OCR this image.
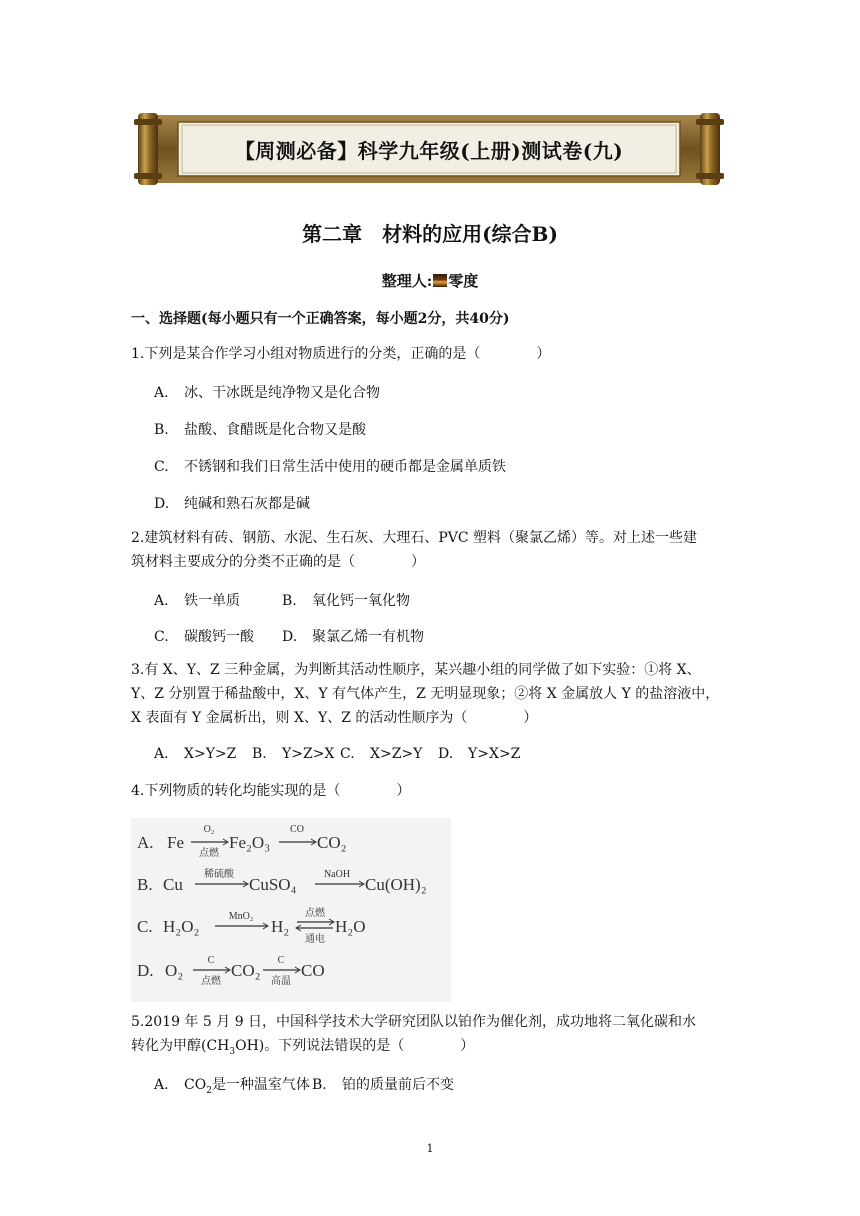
【周测必备】科学九年级(上册)测试卷(九)
第二章　材料的应用(综合B)
整理人: 零度
一、选择题(每小题只有一个正确答案，每小题2分，共40分)
1.下列是某合作学习小组对物质进行的分类，正确的是（　　　　）
A. 冰、干冰既是纯净物又是化合物
B. 盐酸、食醋既是化合物又是酸
C. 不锈钢和我们日常生活中使用的硬币都是金属单质铁
D. 纯碱和熟石灰都是碱
2.建筑材料有砖、钢筋、水泥、生石灰、大理石、PVC 塑料（聚氯乙烯）等。对上述一些建
筑材料主要成分的分类不正确的是（　　　　）
A. 铁一单质	B. 氧化钙一氧化物
C. 碳酸钙一酸 D. 聚氯乙烯一有机物
3.有 X、Y、Z 三种金属，为判断其活动性顺序，某兴趣小组的同学做了如下实验：①将 X、
Y、Z 分别置于稀盐酸中，X、Y 有气体产生，Z 无明显现象；②将 X 金属放人 Y 的盐溶液中，
X 表面有 Y 金属析出，则 X、Y、Z 的活动性顺序为（　　　　）
A. X>Y>Z B. Y>Z>X C. X>Z>Y D. Y>X>Z
4.下列物质的转化均能实现的是（　　　　）
A. Fe
O₂
点燃
Fe₂O₃
CO
CO₂
B. Cu
稀硫酸
CuSO₄
NaOH
Cu(OH)₂
C. H₂O₂
MnO₂
H₂
点燃
通电
H₂O
D. O₂
C
点燃
CO₂
C
高温
CO
5.2019 年 5 月 9 日，中国科学技术大学研究团队以铂作为催化剂，成功地将二氧化碳和水
转化为甲醇$(CH_3OH)$。下列说法错误的是（　　　　）
A. $CO_2$是一种温室气体 B. 铂的质量前后不变
1
